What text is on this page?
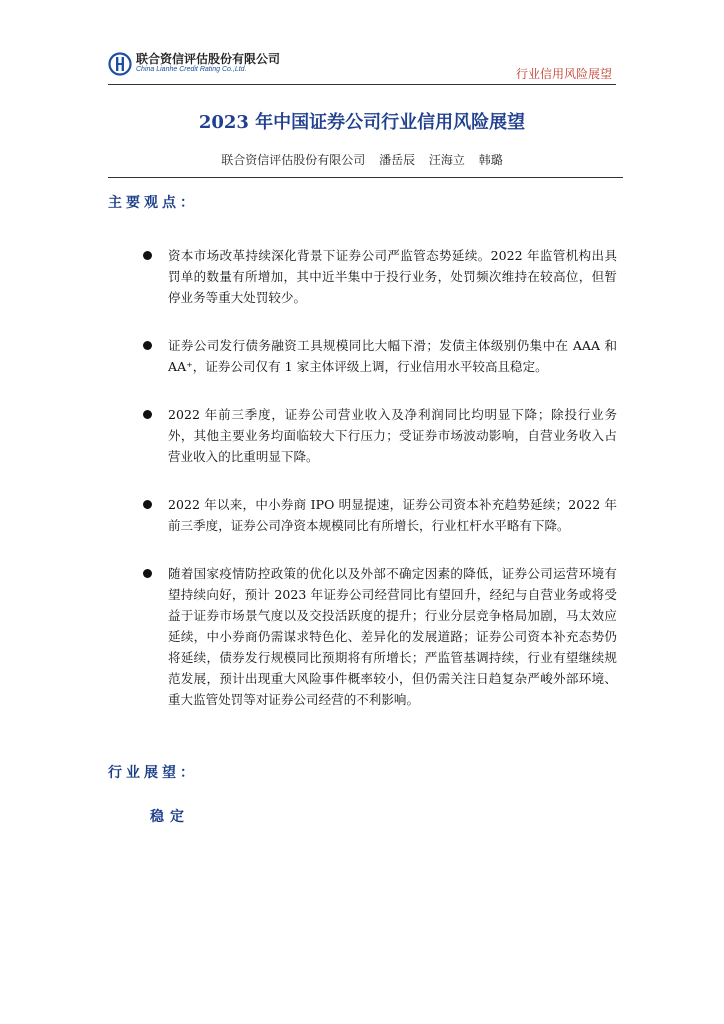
联合资信评估股份有限公司
China Lianhe Credit Rating Co.,Ltd.	行业信用风险展望
2023 年中国证券公司行业信用风险展望
联合资信评估股份有限公司 潘岳辰 汪海立 韩璐
主要观点：
资本市场改革持续深化背景下证券公司严监管态势延续。2022 年监管机构出具罚单的数量有所增加，其中近半集中于投行业务，处罚频次维持在较高位，但暂停业务等重大处罚较少。
证券公司发行债务融资工具规模同比大幅下滑；发债主体级别仍集中在 AAA 和 AA⁺，证券公司仅有 1 家主体评级上调，行业信用水平较高且稳定。
2022 年前三季度，证券公司营业收入及净利润同比均明显下降；除投行业务外，其他主要业务均面临较大下行压力；受证券市场波动影响，自营业务收入占营业收入的比重明显下降。
2022 年以来，中小券商 IPO 明显提速，证券公司资本补充趋势延续；2022 年前三季度，证券公司净资本规模同比有所增长，行业杠杆水平略有下降。
随着国家疫情防控政策的优化以及外部不确定因素的降低，证券公司运营环境有望持续向好，预计 2023 年证券公司经营同比有望回升，经纪与自营业务或将受益于证券市场景气度以及交投活跃度的提升；行业分层竞争格局加剧，马太效应延续，中小券商仍需谋求特色化、差异化的发展道路；证券公司资本补充态势仍将延续，债券发行规模同比预期将有所增长；严监管基调持续，行业有望继续规范发展，预计出现重大风险事件概率较小，但仍需关注日趋复杂严峻外部环境、重大监管处罚等对证券公司经营的不利影响。
行业展望：
稳定
